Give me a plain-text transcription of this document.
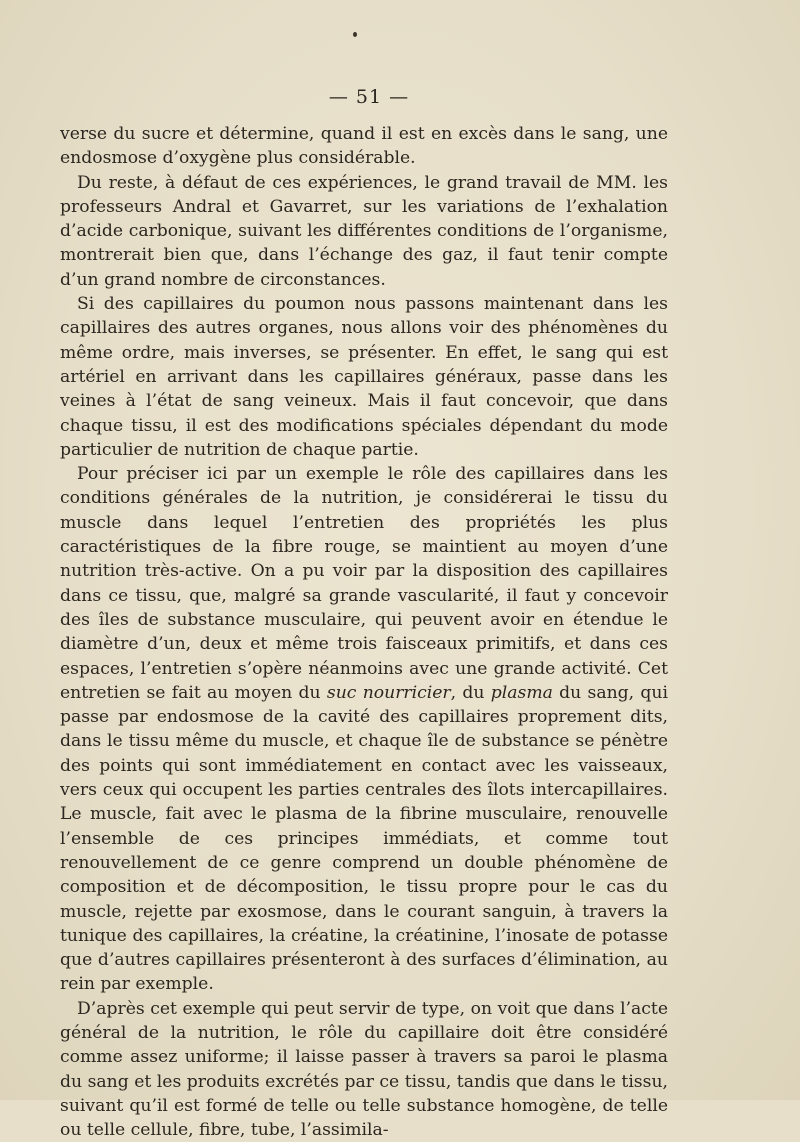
— 51 —

verse du sucre et détermine, quand il est en excès dans le sang, une endosmose d’oxygène plus considérable.

Du reste, à défaut de ces expériences, le grand travail de MM. les professeurs Andral et Gavarret, sur les variations de l’exhalation d’acide carbonique, suivant les différentes conditions de l’organisme, montrerait bien que, dans l’échange des gaz, il faut tenir compte d’un grand nombre de circonstances.

Si des capillaires du poumon nous passons maintenant dans les capillaires des autres organes, nous allons voir des phénomènes du même ordre, mais inverses, se présenter. En effet, le sang qui est artériel en arrivant dans les capillaires généraux, passe dans les veines à l’état de sang veineux. Mais il faut concevoir, que dans chaque tissu, il est des modifications spéciales dépendant du mode particulier de nutrition de chaque partie.

Pour préciser ici par un exemple le rôle des capillaires dans les conditions générales de la nutrition, je considérerai le tissu du muscle dans lequel l’entretien des propriétés les plus caractéristiques de la fibre rouge, se maintient au moyen d’une nutrition très-active. On a pu voir par la disposition des capillaires dans ce tissu, que, malgré sa grande vascularité, il faut y concevoir des îles de substance musculaire, qui peuvent avoir en étendue le diamètre d’un, deux et même trois faisceaux primitifs, et dans ces espaces, l’entretien s’opère néanmoins avec une grande activité. Cet entretien se fait au moyen du suc nourricier, du plasma du sang, qui passe par endosmose de la cavité des capillaires proprement dits, dans le tissu même du muscle, et chaque île de substance se pénètre des points qui sont immédiatement en contact avec les vaisseaux, vers ceux qui occupent les parties centrales des îlots intercapillaires. Le muscle, fait avec le plasma de la fibrine musculaire, renouvelle l’ensemble de ces principes immédiats, et comme tout renouvellement de ce genre comprend un double phénomène de composition et de décomposition, le tissu propre pour le cas du muscle, rejette par exosmose, dans le courant sanguin, à travers la tunique des capillaires, la créatine, la créatinine, l’inosate de potasse que d’autres capillaires présenteront à des surfaces d’élimination, au rein par exemple.

D’après cet exemple qui peut servir de type, on voit que dans l’acte général de la nutrition, le rôle du capillaire doit être considéré comme assez uniforme; il laisse passer à travers sa paroi le plasma du sang et les produits excrétés par ce tissu, tandis que dans le tissu, suivant qu’il est formé de telle ou telle substance homogène, de telle ou telle cellule, fibre, tube, l’assimila-
